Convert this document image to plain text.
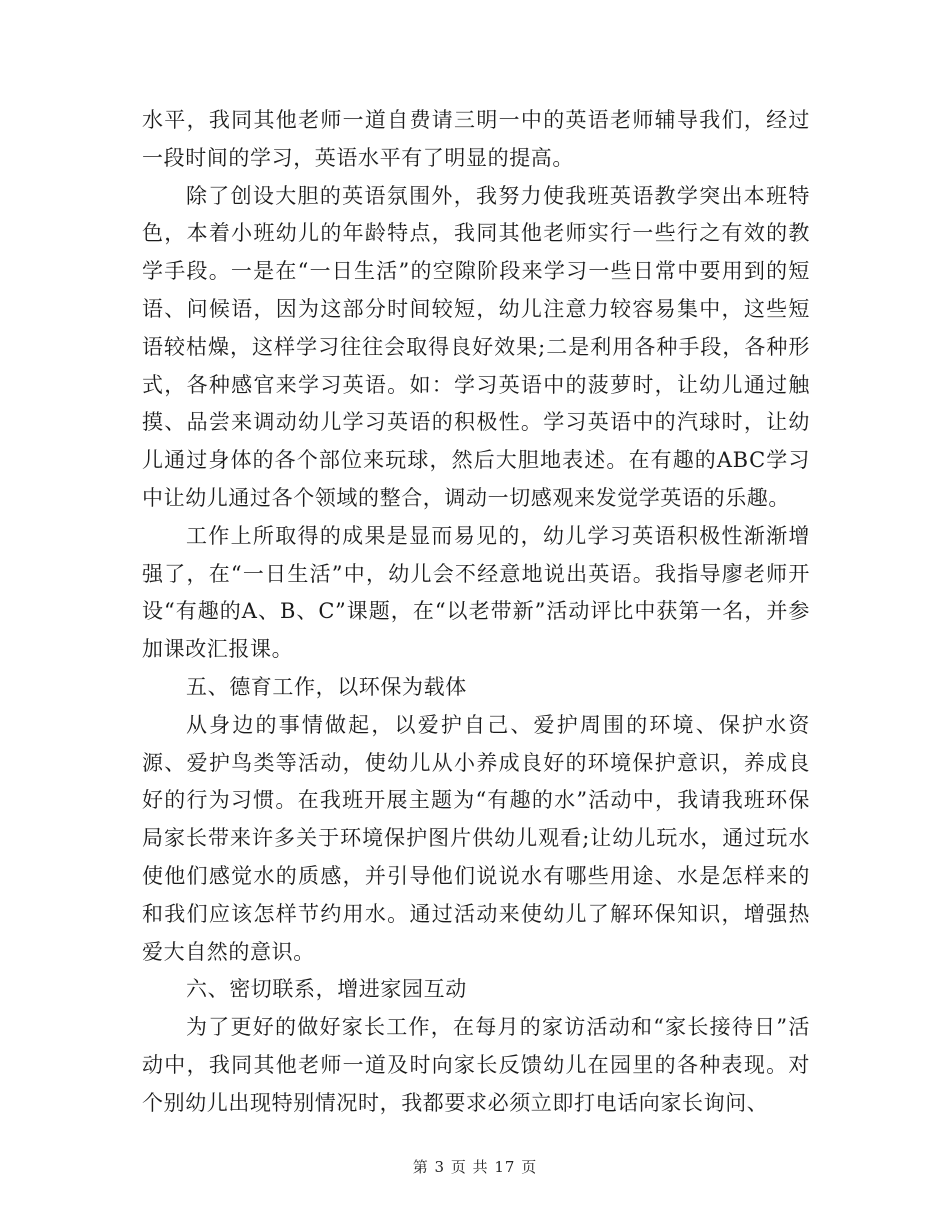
水平，我同其他老师一道自费请三明一中的英语老师辅导我们，经过一段时间的学习，英语水平有了明显的提高。

除了创设大胆的英语氛围外，我努力使我班英语教学突出本班特色，本着小班幼儿的年龄特点，我同其他老师实行一些行之有效的教学手段。一是在“一日生活”的空隙阶段来学习一些日常中要用到的短语、问候语，因为这部分时间较短，幼儿注意力较容易集中，这些短语较枯燥，这样学习往往会取得良好效果;二是利用各种手段，各种形式，各种感官来学习英语。如：学习英语中的菠萝时，让幼儿通过触摸、品尝来调动幼儿学习英语的积极性。学习英语中的汽球时，让幼儿通过身体的各个部位来玩球，然后大胆地表述。在有趣的ABC学习中让幼儿通过各个领域的整合，调动一切感观来发觉学英语的乐趣。

工作上所取得的成果是显而易见的，幼儿学习英语积极性渐渐增强了，在“一日生活”中，幼儿会不经意地说出英语。我指导廖老师开设“有趣的A、B、C”课题，在“以老带新”活动评比中获第一名，并参加课改汇报课。

五、德育工作，以环保为载体

从身边的事情做起，以爱护自己、爱护周围的环境、保护水资源、爱护鸟类等活动，使幼儿从小养成良好的环境保护意识，养成良好的行为习惯。在我班开展主题为“有趣的水”活动中，我请我班环保局家长带来许多关于环境保护图片供幼儿观看;让幼儿玩水，通过玩水使他们感觉水的质感，并引导他们说说水有哪些用途、水是怎样来的和我们应该怎样节约用水。通过活动来使幼儿了解环保知识，增强热爱大自然的意识。

六、密切联系，增进家园互动

为了更好的做好家长工作，在每月的家访活动和“家长接待日”活动中，我同其他老师一道及时向家长反馈幼儿在园里的各种表现。对个别幼儿出现特别情况时，我都要求必须立即打电话向家长询问、

第 3 页 共 17 页
